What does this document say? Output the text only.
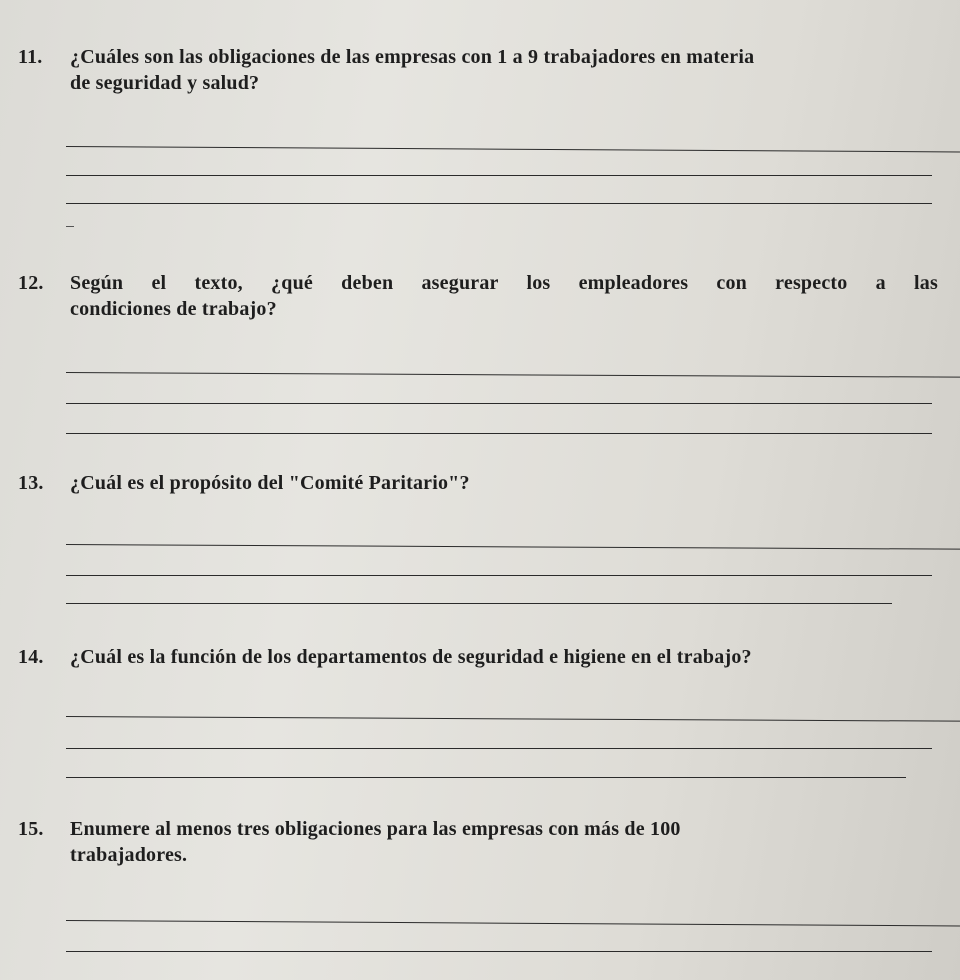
11. ¿Cuáles son las obligaciones de las empresas con 1 a 9 trabajadores en materia
de seguridad y salud?
12. Según el texto, ¿qué deben asegurar los empleadores con respecto a las
condiciones de trabajo?
13. ¿Cuál es el propósito del "Comité Paritario"?
14. ¿Cuál es la función de los departamentos de seguridad e higiene en el trabajo?
15. Enumere al menos tres obligaciones para las empresas con más de 100
trabajadores.
